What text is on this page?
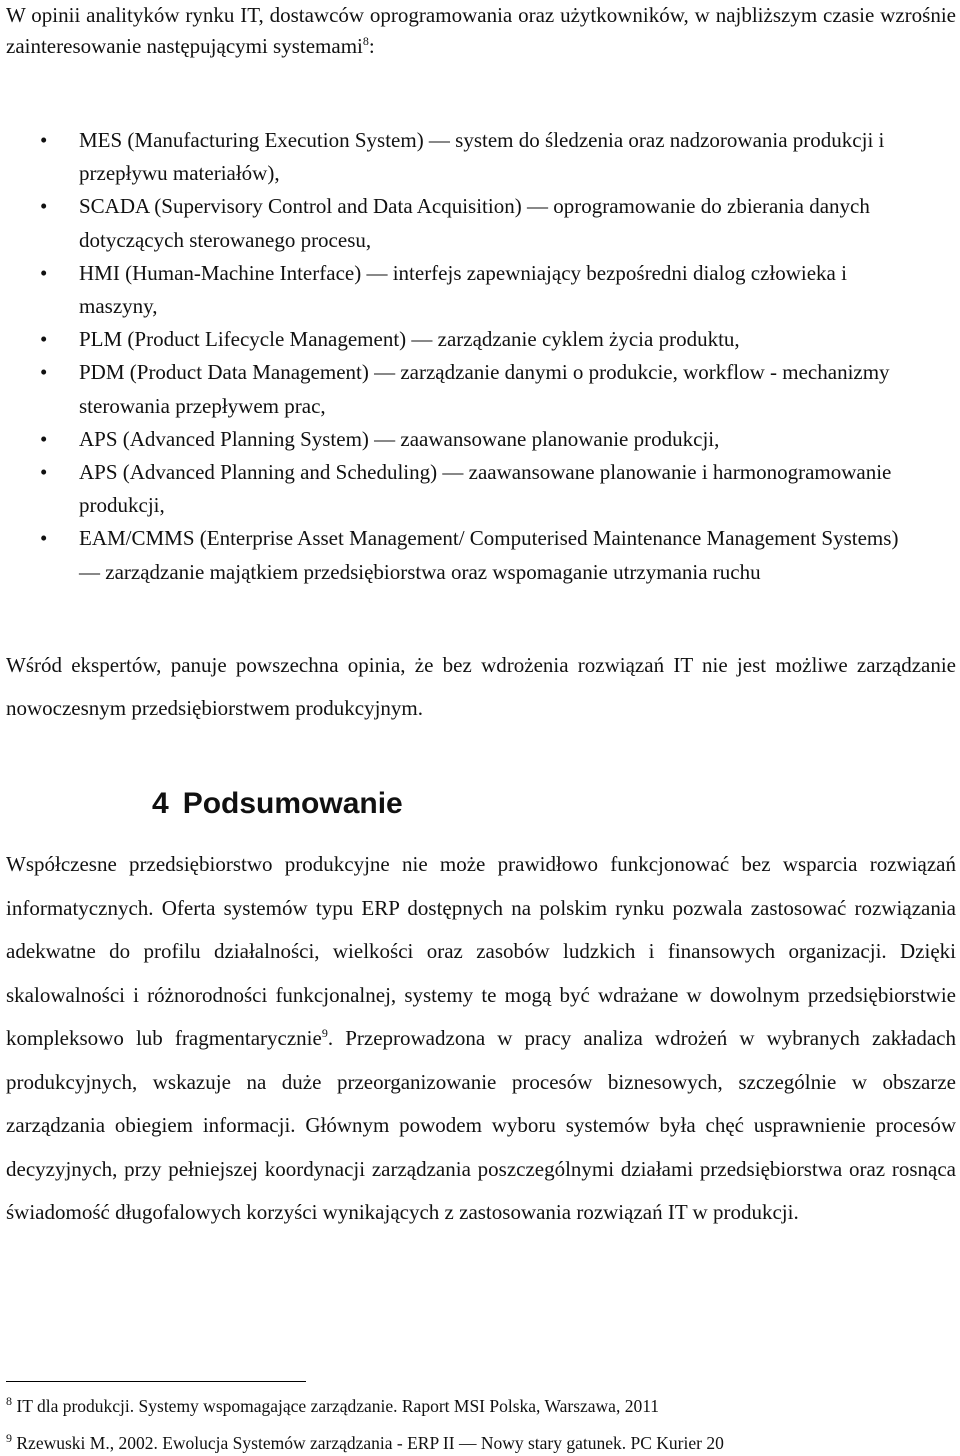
W opinii analityków rynku IT, dostawców oprogramowania oraz użytkowników, w najbliższym czasie wzrośnie zainteresowanie następującymi systemami$^8$:

• MES (Manufacturing Execution System) ― system do śledzenia oraz nadzorowania produkcji i przepływu materiałów),
• SCADA (Supervisory Control and Data Acquisition) ― oprogramowanie do zbierania danych dotyczących sterowanego procesu,
• HMI (Human-Machine Interface) ― interfejs zapewniający bezpośredni dialog człowieka i maszyny,
• PLM (Product Lifecycle Management) ― zarządzanie cyklem życia produktu,
• PDM (Product Data Management) ― zarządzanie danymi o produkcie, workflow - mechanizmy sterowania przepływem prac,
• APS (Advanced Planning System) ― zaawansowane planowanie produkcji,
• APS (Advanced Planning and Scheduling) ― zaawansowane planowanie i harmonogramowanie produkcji,
• EAM/CMMS (Enterprise Asset Management/ Computerised Maintenance Management Systems) ― zarządzanie majątkiem przedsiębiorstwa oraz wspomaganie utrzymania ruchu

Wśród ekspertów, panuje powszechna opinia, że bez wdrożenia rozwiązań IT nie jest możliwe zarządzanie nowoczesnym przedsiębiorstwem produkcyjnym.

4 Podsumowanie

Współczesne przedsiębiorstwo produkcyjne nie może prawidłowo funkcjonować bez wsparcia rozwiązań informatycznych. Oferta systemów typu ERP dostępnych na polskim rynku pozwala zastosować rozwiązania adekwatne do profilu działalności, wielkości oraz zasobów ludzkich i finansowych organizacji. Dzięki skalowalności i różnorodności funkcjonalnej, systemy te mogą być wdrażane w dowolnym przedsiębiorstwie kompleksowo lub fragmentarycznie$^9$. Przeprowadzona w pracy analiza wdrożeń w wybranych zakładach produkcyjnych, wskazuje na duże przeorganizowanie procesów biznesowych, szczególnie w obszarze zarządzania obiegiem informacji. Głównym powodem wyboru systemów była chęć usprawnienie procesów decyzyjnych, przy pełniejszej koordynacji zarządzania poszczególnymi działami przedsiębiorstwa oraz rosnąca świadomość długofalowych korzyści wynikających z zastosowania rozwiązań IT w produkcji.

$^8$ IT dla produkcji. Systemy wspomagające zarządzanie. Raport MSI Polska, Warszawa, 2011

$^9$ Rzewuski M., 2002. Ewolucja Systemów zarządzania - ERP II ― Nowy stary gatunek. PC Kurier 20
